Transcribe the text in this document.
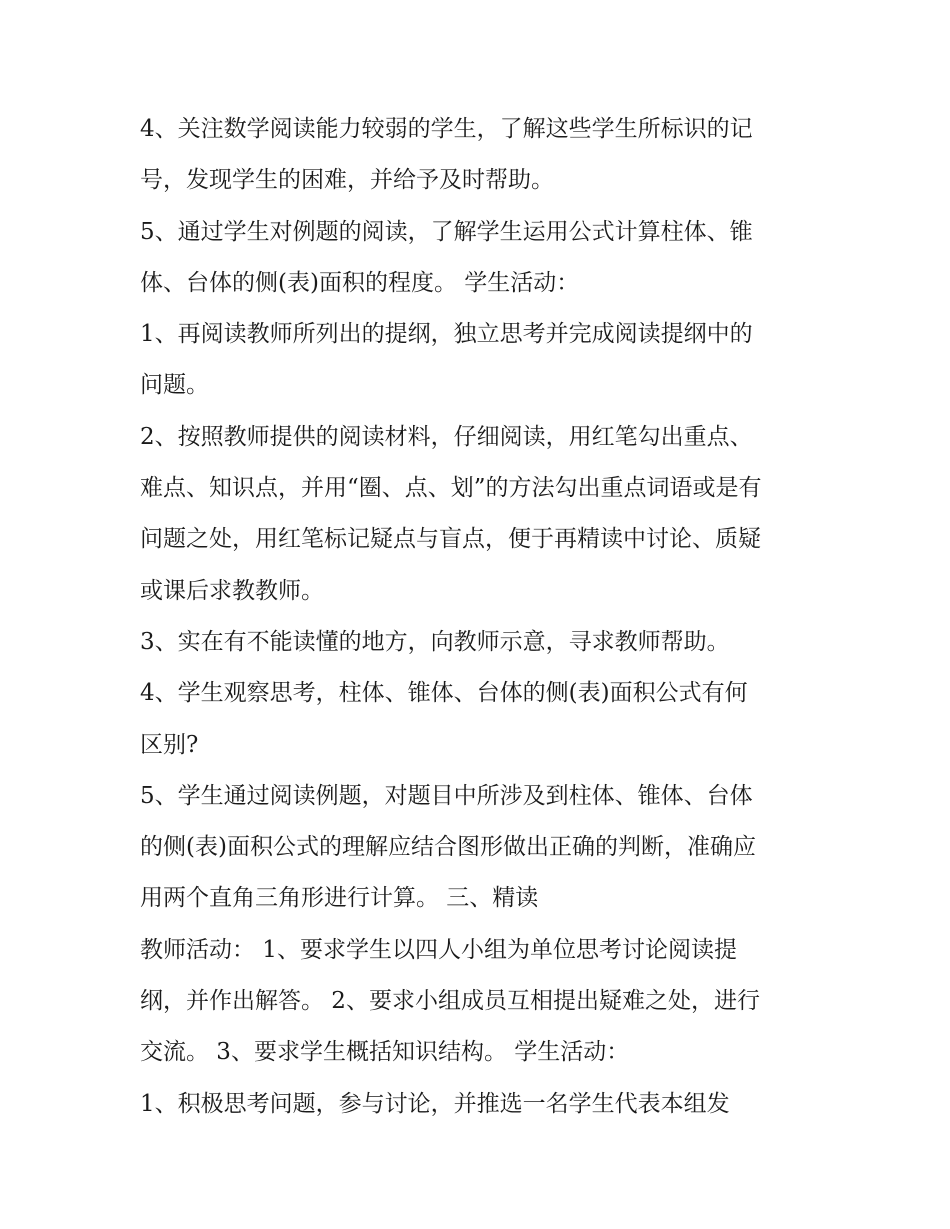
4、关注数学阅读能力较弱的学生，了解这些学生所标识的记
号，发现学生的困难，并给予及时帮助。
5、通过学生对例题的阅读，了解学生运用公式计算柱体、锥
体、台体的侧(表)面积的程度。 学生活动：
1、再阅读教师所列出的提纲，独立思考并完成阅读提纲中的
问题。
2、按照教师提供的阅读材料，仔细阅读，用红笔勾出重点、
难点、知识点，并用“圈、点、划”的方法勾出重点词语或是有
问题之处，用红笔标记疑点与盲点，便于再精读中讨论、质疑
或课后求教教师。
3、实在有不能读懂的地方，向教师示意，寻求教师帮助。
4、学生观察思考，柱体、锥体、台体的侧(表)面积公式有何
区别?
5、学生通过阅读例题，对题目中所涉及到柱体、锥体、台体
的侧(表)面积公式的理解应结合图形做出正确的判断，准确应
用两个直角三角形进行计算。 三、精读
教师活动： 1、要求学生以四人小组为单位思考讨论阅读提
纲，并作出解答。 2、要求小组成员互相提出疑难之处，进行
交流。 3、要求学生概括知识结构。 学生活动：
1、积极思考问题，参与讨论，并推选一名学生代表本组发
